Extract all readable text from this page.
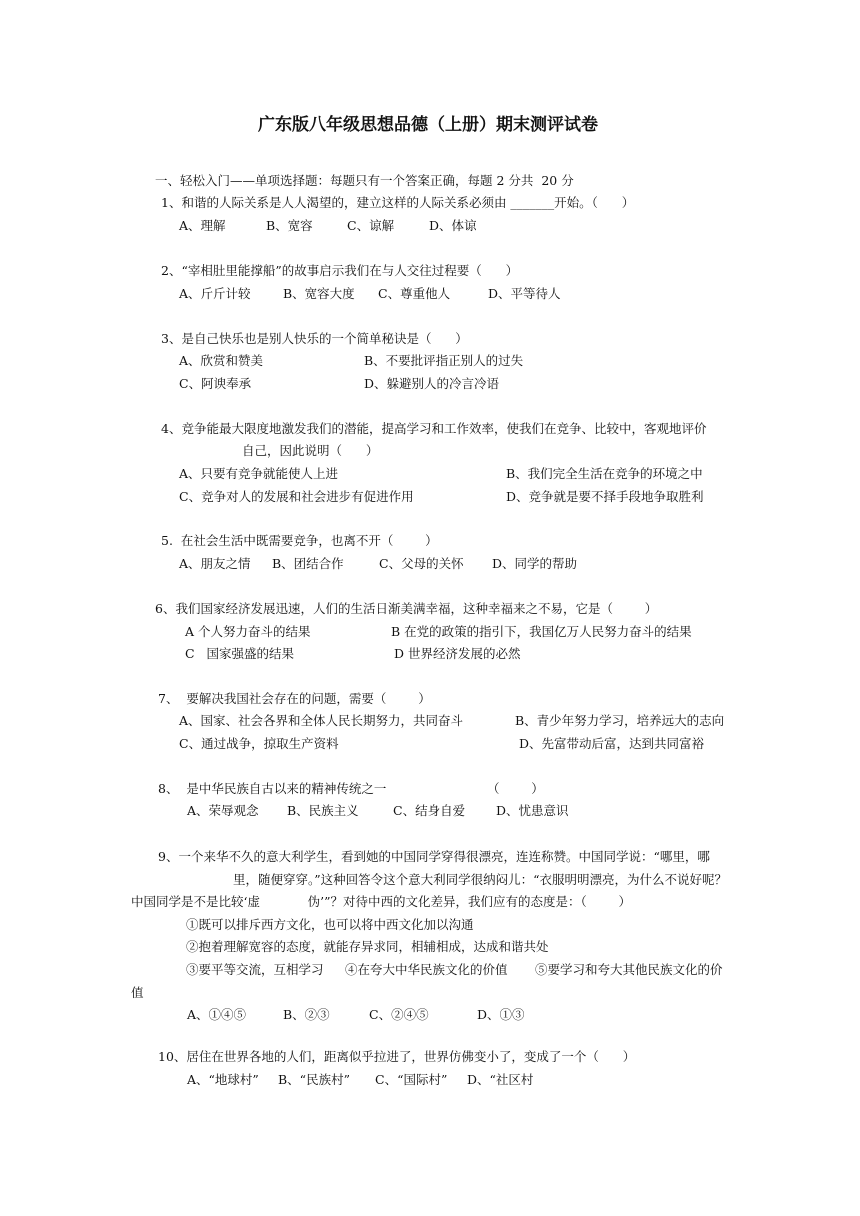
广东版八年级思想品德（上册）期末测评试卷
一、轻松入门——单项选择题：每题只有一个答案正确，每题 2 分共  20 分
1、和谐的人际关系是人人渴望的，建立这样的人际关系必须由 _______开始。（      ）
A、理解	B、宽容	C、谅解	D、体谅
2、“宰相肚里能撑船”的故事启示我们在与人交往过程要（      ）
A、斤斤计较	B、宽容大度 C、尊重他人	D、平等待人
3、是自己快乐也是别人快乐的一个简单秘诀是（      ）
A、欣赏和赞美	B、不要批评指正别人的过失
C、阿谀奉承	D、躲避别人的冷言冷语
4、竞争能最大限度地激发我们的潜能，提高学习和工作效率，使我们在竞争、比较中，客观地评价
自己，因此说明（      ）
A、只要有竞争就能使人上进	B、我们完全生活在竞争的环境之中
C、竞争对人的发展和社会进步有促进作用	D、竞争就是要不择手段地争取胜利
5.  在社会生活中既需要竞争，也离不开（        ）
A、朋友之情 B、团结合作	C、父母的关怀 D、同学的帮助
6、我们国家经济发展迅速，人们的生活日渐美满幸福，这种幸福来之不易，它是（        ）
A 个人努力奋斗的结果	B 在党的政策的指引下，我国亿万人民努力奋斗的结果
C   国家强盛的结果	D 世界经济发展的必然
7、  要解决我国社会存在的问题，需要（        ）
A、国家、社会各界和全体人民长期努力，共同奋斗	B、青少年努力学习，培养远大的志向
C、通过战争，掠取生产资料	D、先富带动后富，达到共同富裕
8、  是中华民族自古以来的精神传统之一	（        ）
A、荣辱观念 B、民族主义	C、结身自爱 D、忧患意识
9、一个来华不久的意大利学生，看到她的中国同学穿得很漂亮，连连称赞。中国同学说：“哪里，哪
里，随便穿穿。”这种回答令这个意大利同学很纳闷儿：“衣服明明漂亮，为什么不说好呢？
中国同学是不是比较‘虚            伪’”？对待中西的文化差异，我们应有的态度是：（        ）
①既可以排斥西方文化，也可以将中西文化加以沟通
②抱着理解宽容的态度，就能存异求同，相辅相成，达成和谐共处
③要平等交流，互相学习 ④在夸大中华民族文化的价值 ⑤要学习和夸大其他民族文化的价
值
A、①④⑤	B、②③	C、②④⑤	D、①③
10、居住在世界各地的人们，距离似乎拉进了，世界仿佛变小了，变成了一个（      ）
A、“地球村” B、“民族村” C、“国际村” D、“社区村
